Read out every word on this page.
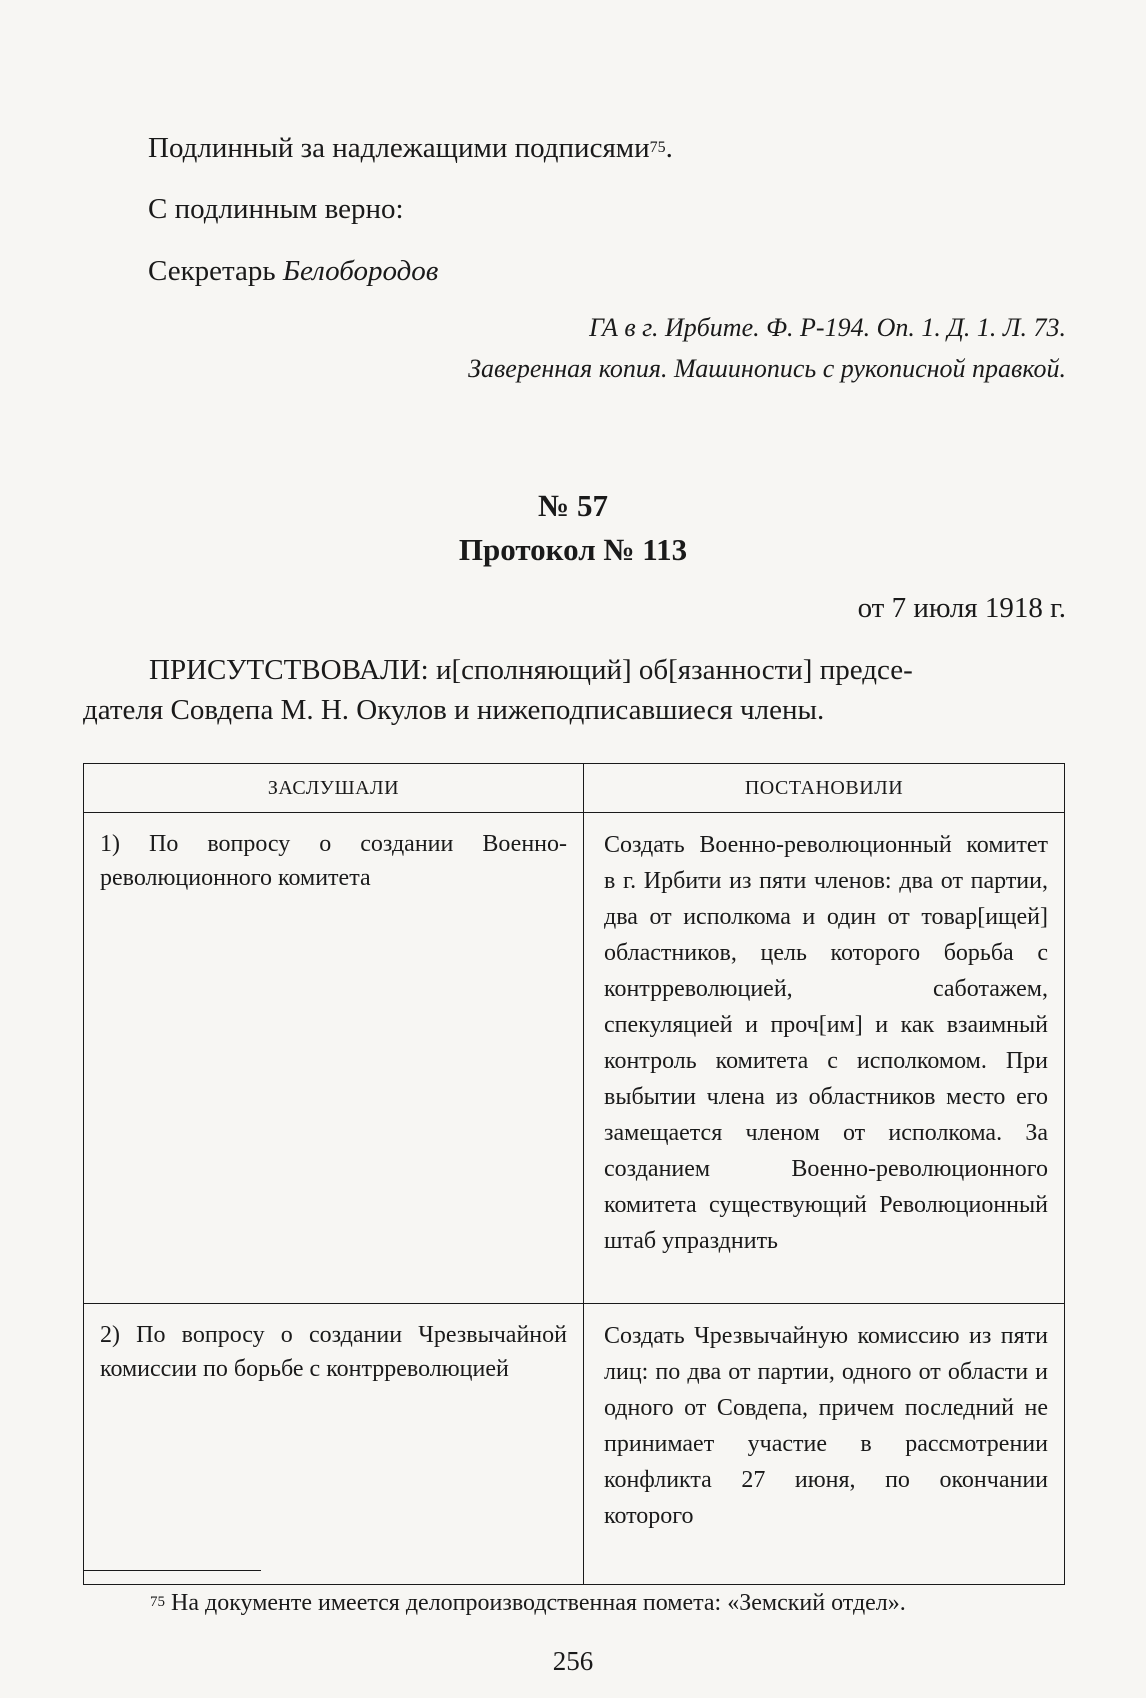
Подлинный за надлежащими подписями$^{75}$.
С подлинным верно:
Секретарь Белобородов
ГА в г. Ирбите. Ф. Р-194. Оп. 1. Д. 1. Л. 73.
Заверенная копия. Машинопись с рукописной правкой.
№ 57
Протокол № 113
от 7 июля 1918 г.
ПРИСУТСТВОВАЛИ: и[сполняющий] об[язанности] предсе-
дателя Совдепа М. Н. Окулов и нижеподписавшиеся члены.
ЗАСЛУШАЛИ	ПОСТАНОВИЛИ
1) По вопросу о создании Военно-революционного комитета	Создать Военно-революционный комитет в г. Ирбити из пяти членов: два от партии, два от исполкома и один от товар[ищей] областников, цель которого борьба с контрреволюцией, саботажем, спекуляцией и проч[им] и как взаимный контроль комитета с исполкомом. При выбытии члена из областников место его замещается членом от исполкома. За созданием Военно-революционного комитета существующий Революционный штаб упразднить
2) По вопросу о создании Чрезвычайной комиссии по борьбе с контрреволюцией	Создать Чрезвычайную комиссию из пяти лиц: по два от партии, одного от области и одного от Совдепа, причем последний не принимает участие в рассмотрении конфликта 27 июня, по окончании которого
$^{75}$ На документе имеется делопроизводственная помета: «Земский отдел».
256
